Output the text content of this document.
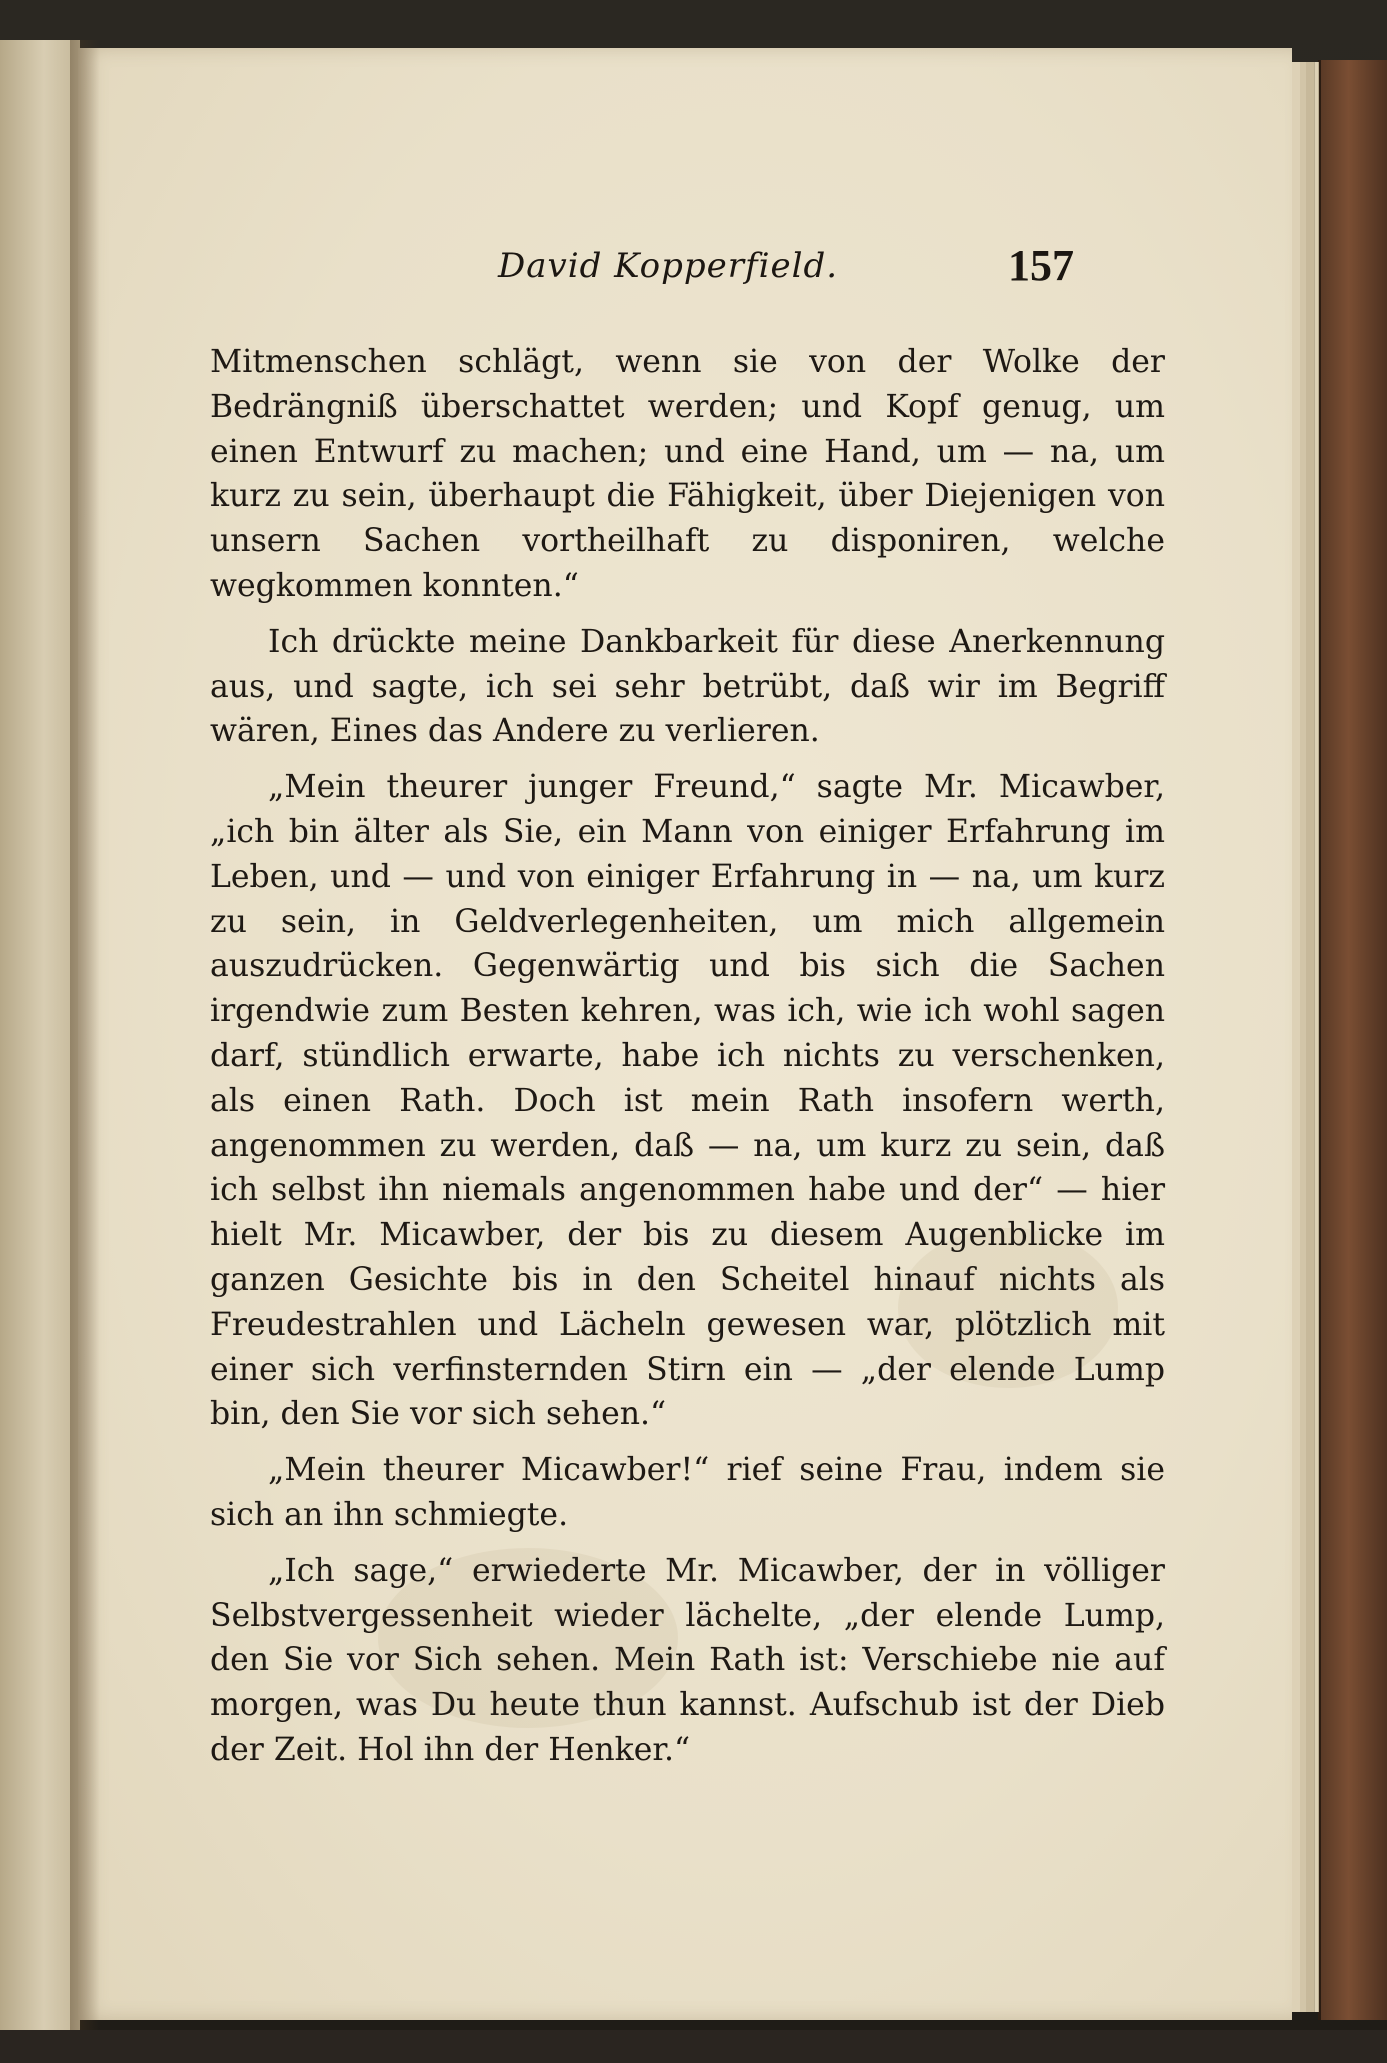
David Kopperfield.	157

Mitmenschen schlägt, wenn sie von der Wolke der Bedrängniß überschattet werden; und Kopf genug, um einen Entwurf zu machen; und eine Hand, um — na, um kurz zu sein, überhaupt die Fähigkeit, über Diejenigen von unsern Sachen vortheilhaft zu disponiren, welche wegkommen konnten.“

Ich drückte meine Dankbarkeit für diese Anerkennung aus, und sagte, ich sei sehr betrübt, daß wir im Begriff wären, Eines das Andere zu verlieren.

„Mein theurer junger Freund,“ sagte Mr. Micawber, „ich bin älter als Sie, ein Mann von einiger Erfahrung im Leben, und — und von einiger Erfahrung in — na, um kurz zu sein, in Geldverlegenheiten, um mich allgemein auszudrücken. Gegenwärtig und bis sich die Sachen irgendwie zum Besten kehren, was ich, wie ich wohl sagen darf, stündlich erwarte, habe ich nichts zu verschenken, als einen Rath. Doch ist mein Rath insofern werth, angenommen zu werden, daß — na, um kurz zu sein, daß ich selbst ihn niemals angenommen habe und der“ — hier hielt Mr. Micawber, der bis zu diesem Augenblicke im ganzen Gesichte bis in den Scheitel hinauf nichts als Freudestrahlen und Lächeln gewesen war, plötzlich mit einer sich verfinsternden Stirn ein — „der elende Lump bin, den Sie vor sich sehen.“

„Mein theurer Micawber!“ rief seine Frau, indem sie sich an ihn schmiegte.

„Ich sage,“ erwiederte Mr. Micawber, der in völliger Selbstvergessenheit wieder lächelte, „der elende Lump, den Sie vor Sich sehen. Mein Rath ist: Verschiebe nie auf morgen, was Du heute thun kannst. Aufschub ist der Dieb der Zeit. Hol ihn der Henker.“
